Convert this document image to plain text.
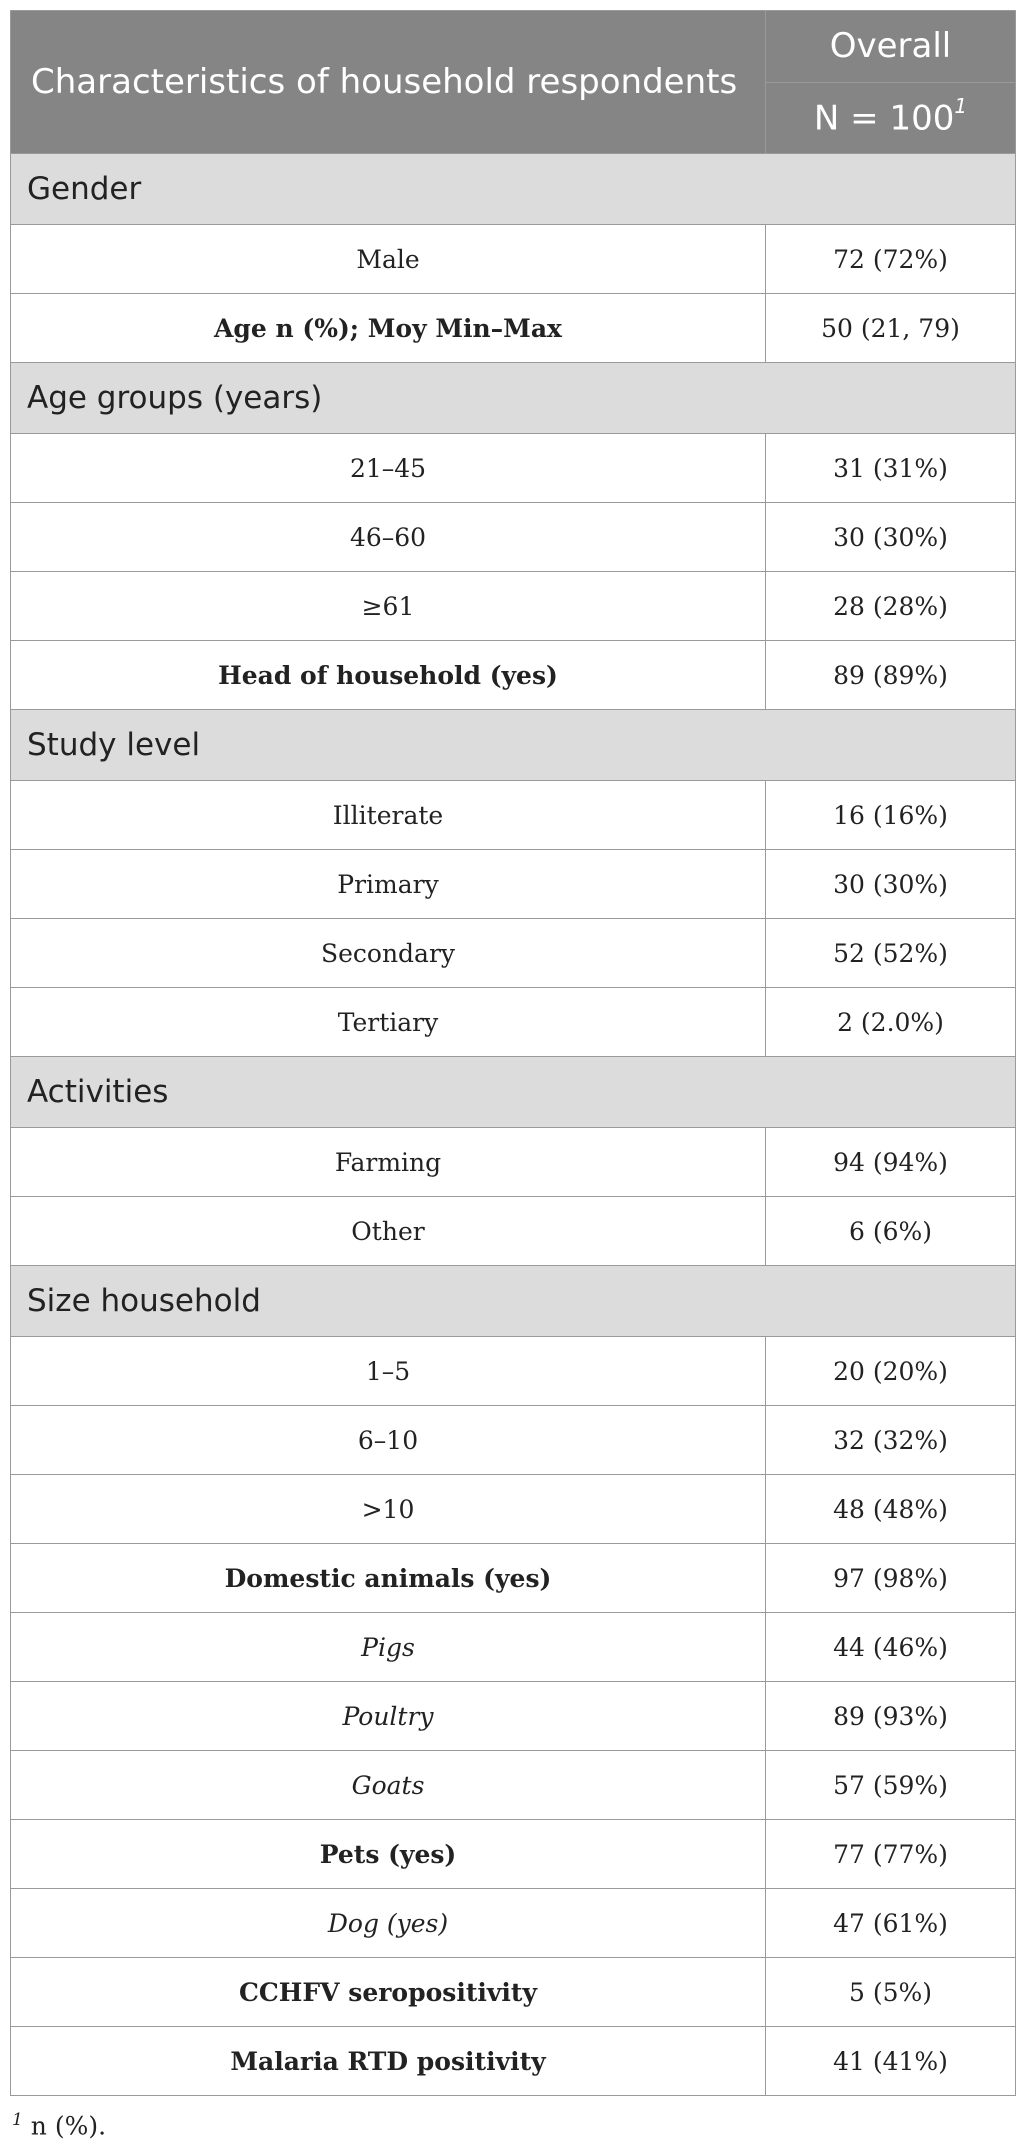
Characteristics of household respondents	Overall
	$N = 100^1$
Gender	
Male	72 (72%)
Age n (%); Moy Min–Max	50 (21, 79)
Age groups (years)	
21–45	31 (31%)
46–60	30 (30%)
≥61	28 (28%)
Head of household (yes)	89 (89%)
Study level	
Illiterate	16 (16%)
Primary	30 (30%)
Secondary	52 (52%)
Tertiary	2 (2.0%)
Activities	
Farming	94 (94%)
Other	6 (6%)
Size household	
1–5	20 (20%)
6–10	32 (32%)
>10	48 (48%)
Domestic animals (yes)	97 (98%)
Pigs	44 (46%)
Poultry	89 (93%)
Goats	57 (59%)
Pets (yes)	77 (77%)
Dog (yes)	47 (61%)
CCHFV seropositivity	5 (5%)
Malaria RTD positivity	41 (41%)
$^1$ n (%).
